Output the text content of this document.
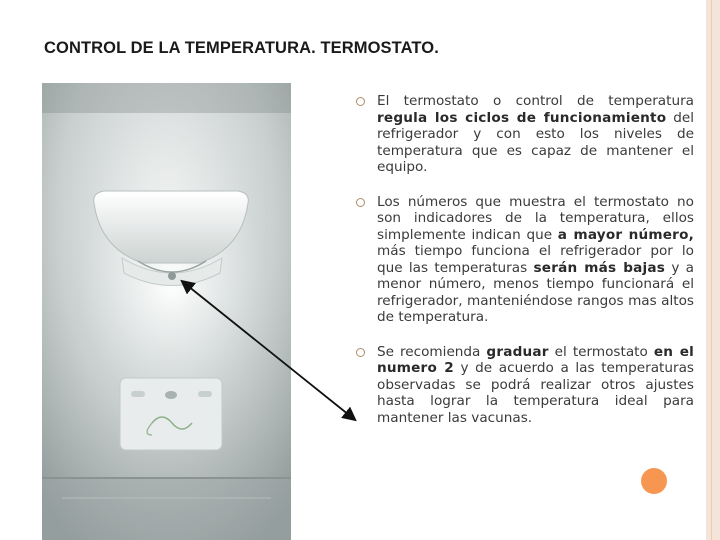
CONTROL DE LA TEMPERATURA. TERMOSTATO.
El termostato o control de temperatura regula los ciclos de funcionamiento del refrigerador y con esto los niveles de temperatura que es capaz de mantener el equipo.
Los números que muestra el termostato no son indicadores de la temperatura, ellos simplemente indican que a mayor número, más tiempo funciona el refrigerador por lo que las temperaturas serán más bajas y a menor número, menos tiempo funcionará el refrigerador, manteniéndose rangos mas altos de temperatura.
Se recomienda graduar el termostato en el numero 2 y de acuerdo a las temperaturas observadas se podrá realizar otros ajustes hasta lograr la temperatura ideal para mantener las vacunas.
